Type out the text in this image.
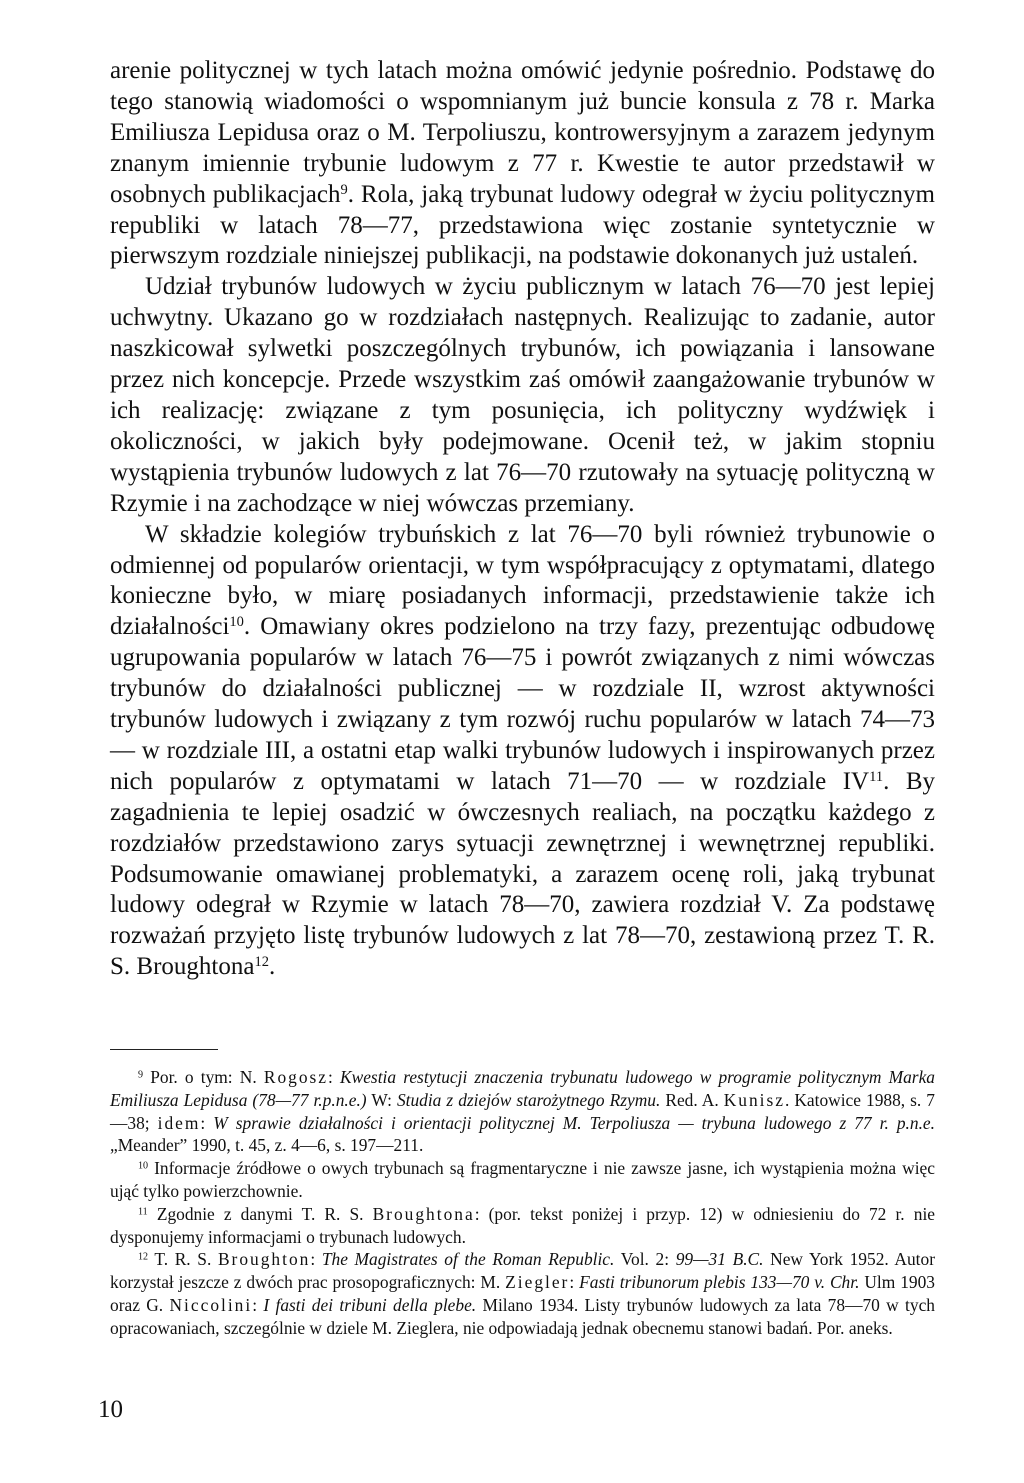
arenie politycznej w tych latach można omówić jedynie pośrednio. Podstawę do tego stanowią wiadomości o wspomnianym już buncie konsula z 78 r. Marka Emiliusza Lepidusa oraz o M. Terpoliuszu, kontrowersyjnym a zarazem jedynym znanym imiennie trybunie ludowym z 77 r. Kwestie te autor przedstawił w osobnych publikacjach$^9$. Rola, jaką trybunat ludowy odegrał w życiu politycznym republiki w latach 78—77, przedstawiona więc zostanie syntetycznie w pierwszym rozdziale niniejszej publikacji, na podstawie dokonanych już ustaleń.

Udział trybunów ludowych w życiu publicznym w latach 76—70 jest lepiej uchwytny. Ukazano go w rozdziałach następnych. Realizując to zadanie, autor naszkicował sylwetki poszczególnych trybunów, ich powiązania i lansowane przez nich koncepcje. Przede wszystkim zaś omówił zaangażowanie trybunów w ich realizację: związane z tym posunięcia, ich polityczny wydźwięk i okoliczności, w jakich były podejmowane. Ocenił też, w jakim stopniu wystąpienia trybunów ludowych z lat 76—70 rzutowały na sytuację polityczną w Rzymie i na zachodzące w niej wówczas przemiany.

W składzie kolegiów trybuńskich z lat 76—70 byli również trybunowie o odmiennej od popularów orientacji, w tym współpracujący z optymatami, dlatego konieczne było, w miarę posiadanych informacji, przedstawienie także ich działalności$^{10}$. Omawiany okres podzielono na trzy fazy, prezentując odbudowę ugrupowania popularów w latach 76—75 i powrót związanych z nimi wówczas trybunów do działalności publicznej — w rozdziale II, wzrost aktywności trybunów ludowych i związany z tym rozwój ruchu popularów w latach 74—73 — w rozdziale III, a ostatni etap walki trybunów ludowych i inspirowanych przez nich popularów z optymatami w latach 71—70 — w rozdziale IV$^{11}$. By zagadnienia te lepiej osadzić w ówczesnych realiach, na początku każdego z rozdziałów przedstawiono zarys sytuacji zewnętrznej i wewnętrznej republiki. Podsumowanie omawianej problematyki, a zarazem ocenę roli, jaką trybunat ludowy odegrał w Rzymie w latach 78—70, zawiera rozdział V. Za podstawę rozważań przyjęto listę trybunów ludowych z lat 78—70, zestawioną przez T. R. S. Broughtona$^{12}$.

$^9$ Por. o tym: N. Rogosz: Kwestia restytucji znaczenia trybunatu ludowego w programie politycznym Marka Emiliusza Lepidusa (78—77 r.p.n.e.) W: Studia z dziejów starożytnego Rzymu. Red. A. Kunisz. Katowice 1988, s. 7—38; idem: W sprawie działalności i orientacji politycznej M. Terpoliusza — trybuna ludowego z 77 r. p.n.e. „Meander” 1990, t. 45, z. 4—6, s. 197—211.

$^{10}$ Informacje źródłowe o owych trybunach są fragmentaryczne i nie zawsze jasne, ich wystąpienia można więc ująć tylko powierzchownie.

$^{11}$ Zgodnie z danymi T. R. S. Broughtona: (por. tekst poniżej i przyp. 12) w odniesieniu do 72 r. nie dysponujemy informacjami o trybunach ludowych.

$^{12}$ T. R. S. Broughton: The Magistrates of the Roman Republic. Vol. 2: 99—31 B.C. New York 1952. Autor korzystał jeszcze z dwóch prac prosopograficznych: M. Ziegler: Fasti tribunorum plebis 133—70 v. Chr. Ulm 1903 oraz G. Niccolini: I fasti dei tribuni della plebe. Milano 1934. Listy trybunów ludowych za lata 78—70 w tych opracowaniach, szczególnie w dziele M. Zieglera, nie odpowiadają jednak obecnemu stanowi badań. Por. aneks.

10
